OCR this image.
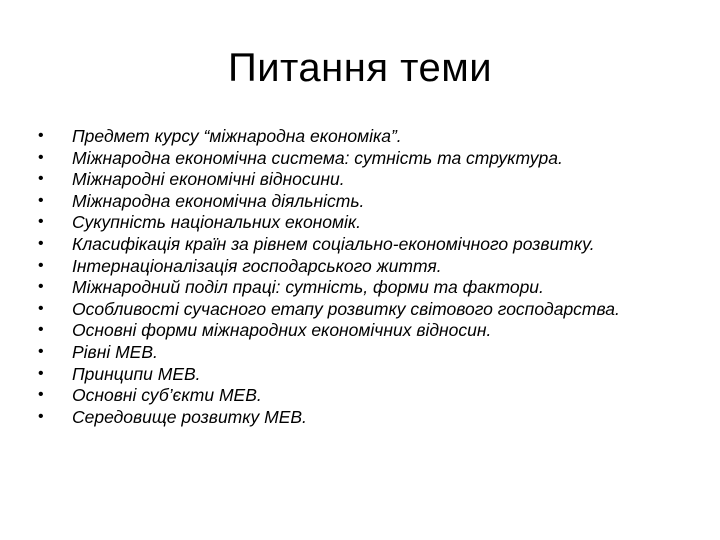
Питання теми
•	Предмет курсу “міжнародна економіка”.
•	Міжнародна економічна система: сутність та структура.
•	Міжнародні економічні відносини.
•	Міжнародна економічна діяльність.
•	Сукупність національних економік.
•	Класифікація країн за рівнем соціально-економічного розвитку.
•	Інтернаціоналізація господарського життя.
•	Міжнародний поділ праці: сутність, форми та фактори.
•	Особливості сучасного етапу розвитку світового господарства.
•	Основні форми міжнародних економічних відносин.
•	Рівні МЕВ.
•	Принципи МЕВ.
•	Основні суб’єкти МЕВ.
•	Середовище розвитку МЕВ.
